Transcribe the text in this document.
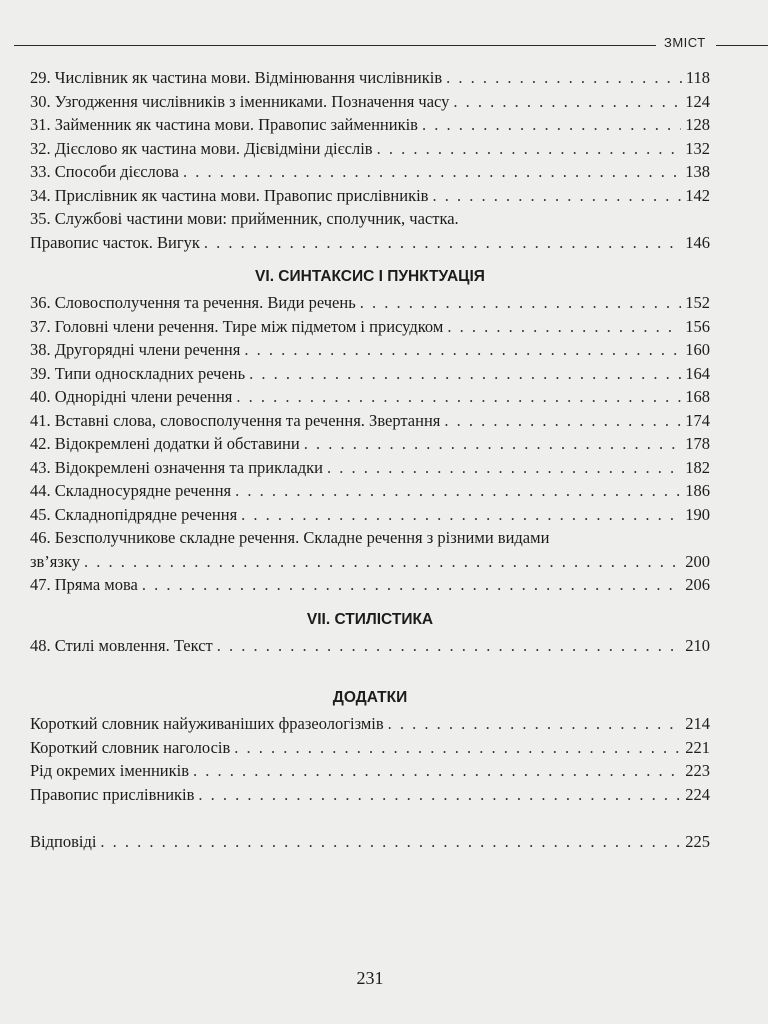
ЗМІСТ
29. Числівник як частина мови. Відмінювання числівників . . .	118
30. Узгодження числівників з іменниками. Позначення часу . . .	124
31. Займенник як частина мови. Правопис займенників . . .	128
32. Дієслово як частина мови. Дієвідміни дієслів . . .	132
33. Способи дієслова . . .	138
34. Прислівник як частина мови. Правопис прислівників . . .	142
35. Службові частини мови: прийменник, сполучник, частка.
Правопис часток. Вигук . . .	146
VI. СИНТАКСИС І ПУНКТУАЦІЯ
36. Словосполучення та речення. Види речень . . .	152
37. Головні члени речення. Тире між підметом і присудком . . .	156
38. Другорядні члени речення . . .	160
39. Типи односкладних речень . . .	164
40. Однорідні члени речення . . .	168
41. Вставні слова, словосполучення та речення. Звертання . . .	174
42. Відокремлені додатки й обставини . . .	178
43. Відокремлені означення та прикладки . . .	182
44. Складносурядне речення . . .	186
45. Складнопідрядне речення . . .	190
46. Безсполучникове складне речення. Складне речення з різними видами
зв’язку . . .	200
47. Пряма мова . . .	206
VII. СТИЛІСТИКА
48. Стилі мовлення. Текст . . .	210
ДОДАТКИ
Короткий словник найуживаніших фразеологізмів . . .	214
Короткий словник наголосів . . .	221
Рід окремих іменників . . .	223
Правопис прислівників . . .	224
Відповіді . . .	225
231
